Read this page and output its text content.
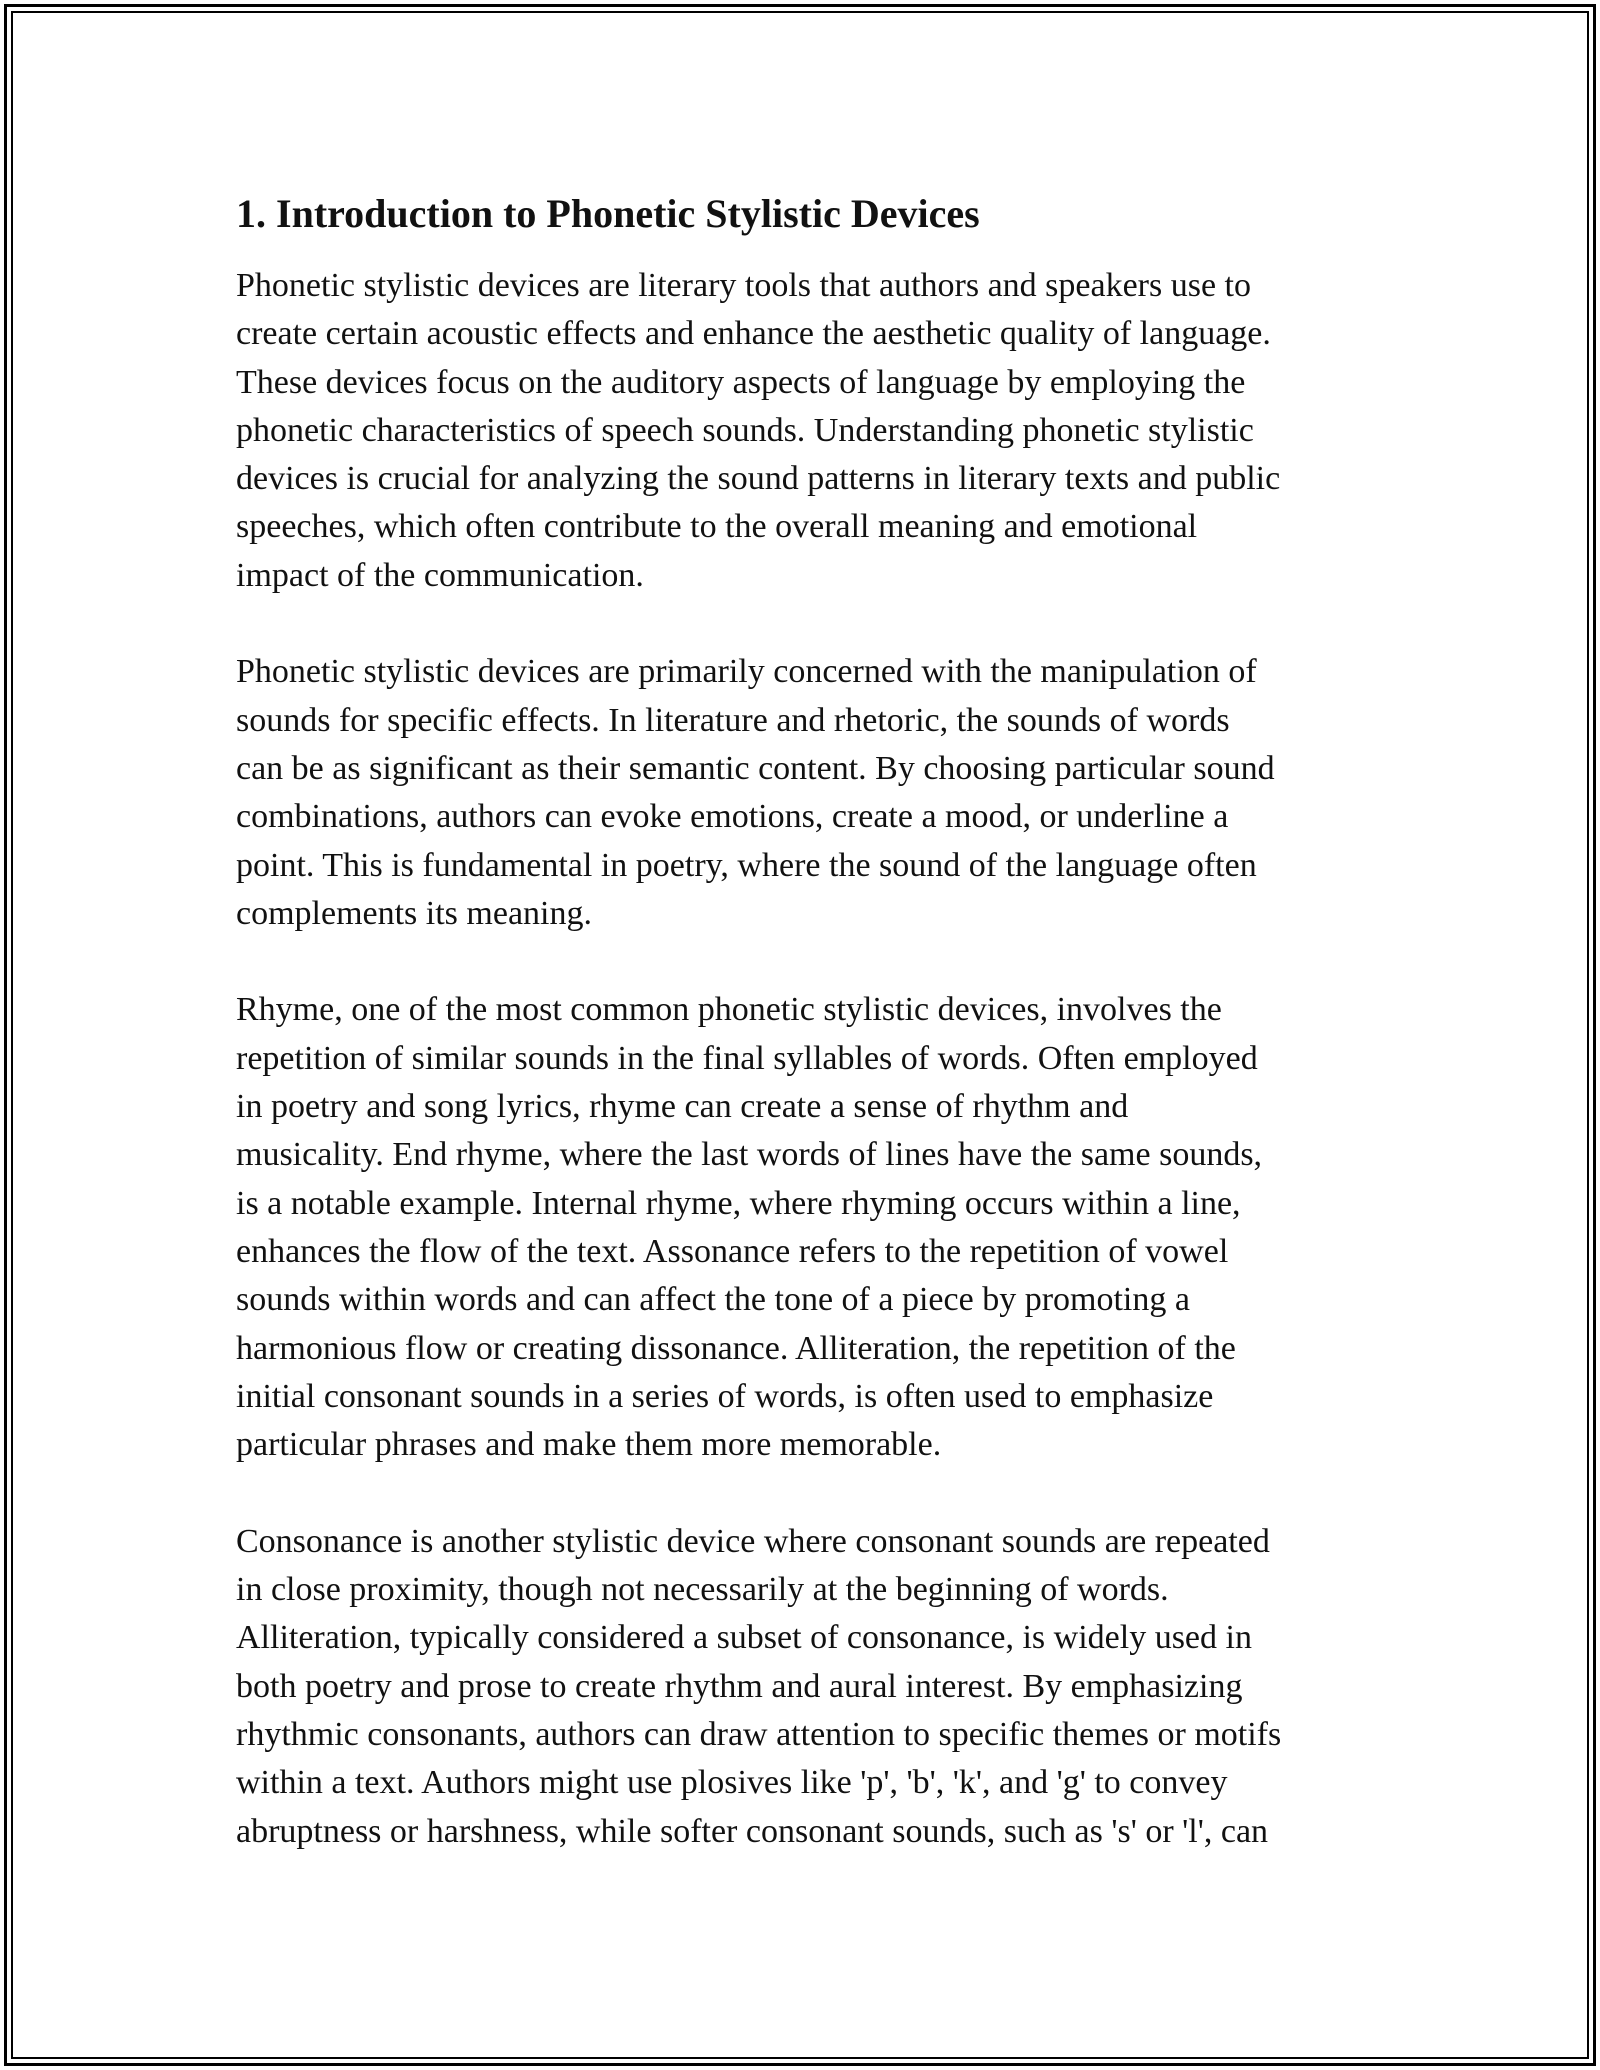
1. Introduction to Phonetic Stylistic Devices
Phonetic stylistic devices are literary tools that authors and speakers use to
create certain acoustic effects and enhance the aesthetic quality of language.
These devices focus on the auditory aspects of language by employing the
phonetic characteristics of speech sounds. Understanding phonetic stylistic
devices is crucial for analyzing the sound patterns in literary texts and public
speeches, which often contribute to the overall meaning and emotional
impact of the communication.
Phonetic stylistic devices are primarily concerned with the manipulation of
sounds for specific effects. In literature and rhetoric, the sounds of words
can be as significant as their semantic content. By choosing particular sound
combinations, authors can evoke emotions, create a mood, or underline a
point. This is fundamental in poetry, where the sound of the language often
complements its meaning.
Rhyme, one of the most common phonetic stylistic devices, involves the
repetition of similar sounds in the final syllables of words. Often employed
in poetry and song lyrics, rhyme can create a sense of rhythm and
musicality. End rhyme, where the last words of lines have the same sounds,
is a notable example. Internal rhyme, where rhyming occurs within a line,
enhances the flow of the text. Assonance refers to the repetition of vowel
sounds within words and can affect the tone of a piece by promoting a
harmonious flow or creating dissonance. Alliteration, the repetition of the
initial consonant sounds in a series of words, is often used to emphasize
particular phrases and make them more memorable.
Consonance is another stylistic device where consonant sounds are repeated
in close proximity, though not necessarily at the beginning of words.
Alliteration, typically considered a subset of consonance, is widely used in
both poetry and prose to create rhythm and aural interest. By emphasizing
rhythmic consonants, authors can draw attention to specific themes or motifs
within a text. Authors might use plosives like 'p', 'b', 'k', and 'g' to convey
abruptness or harshness, while softer consonant sounds, such as 's' or 'l', can
